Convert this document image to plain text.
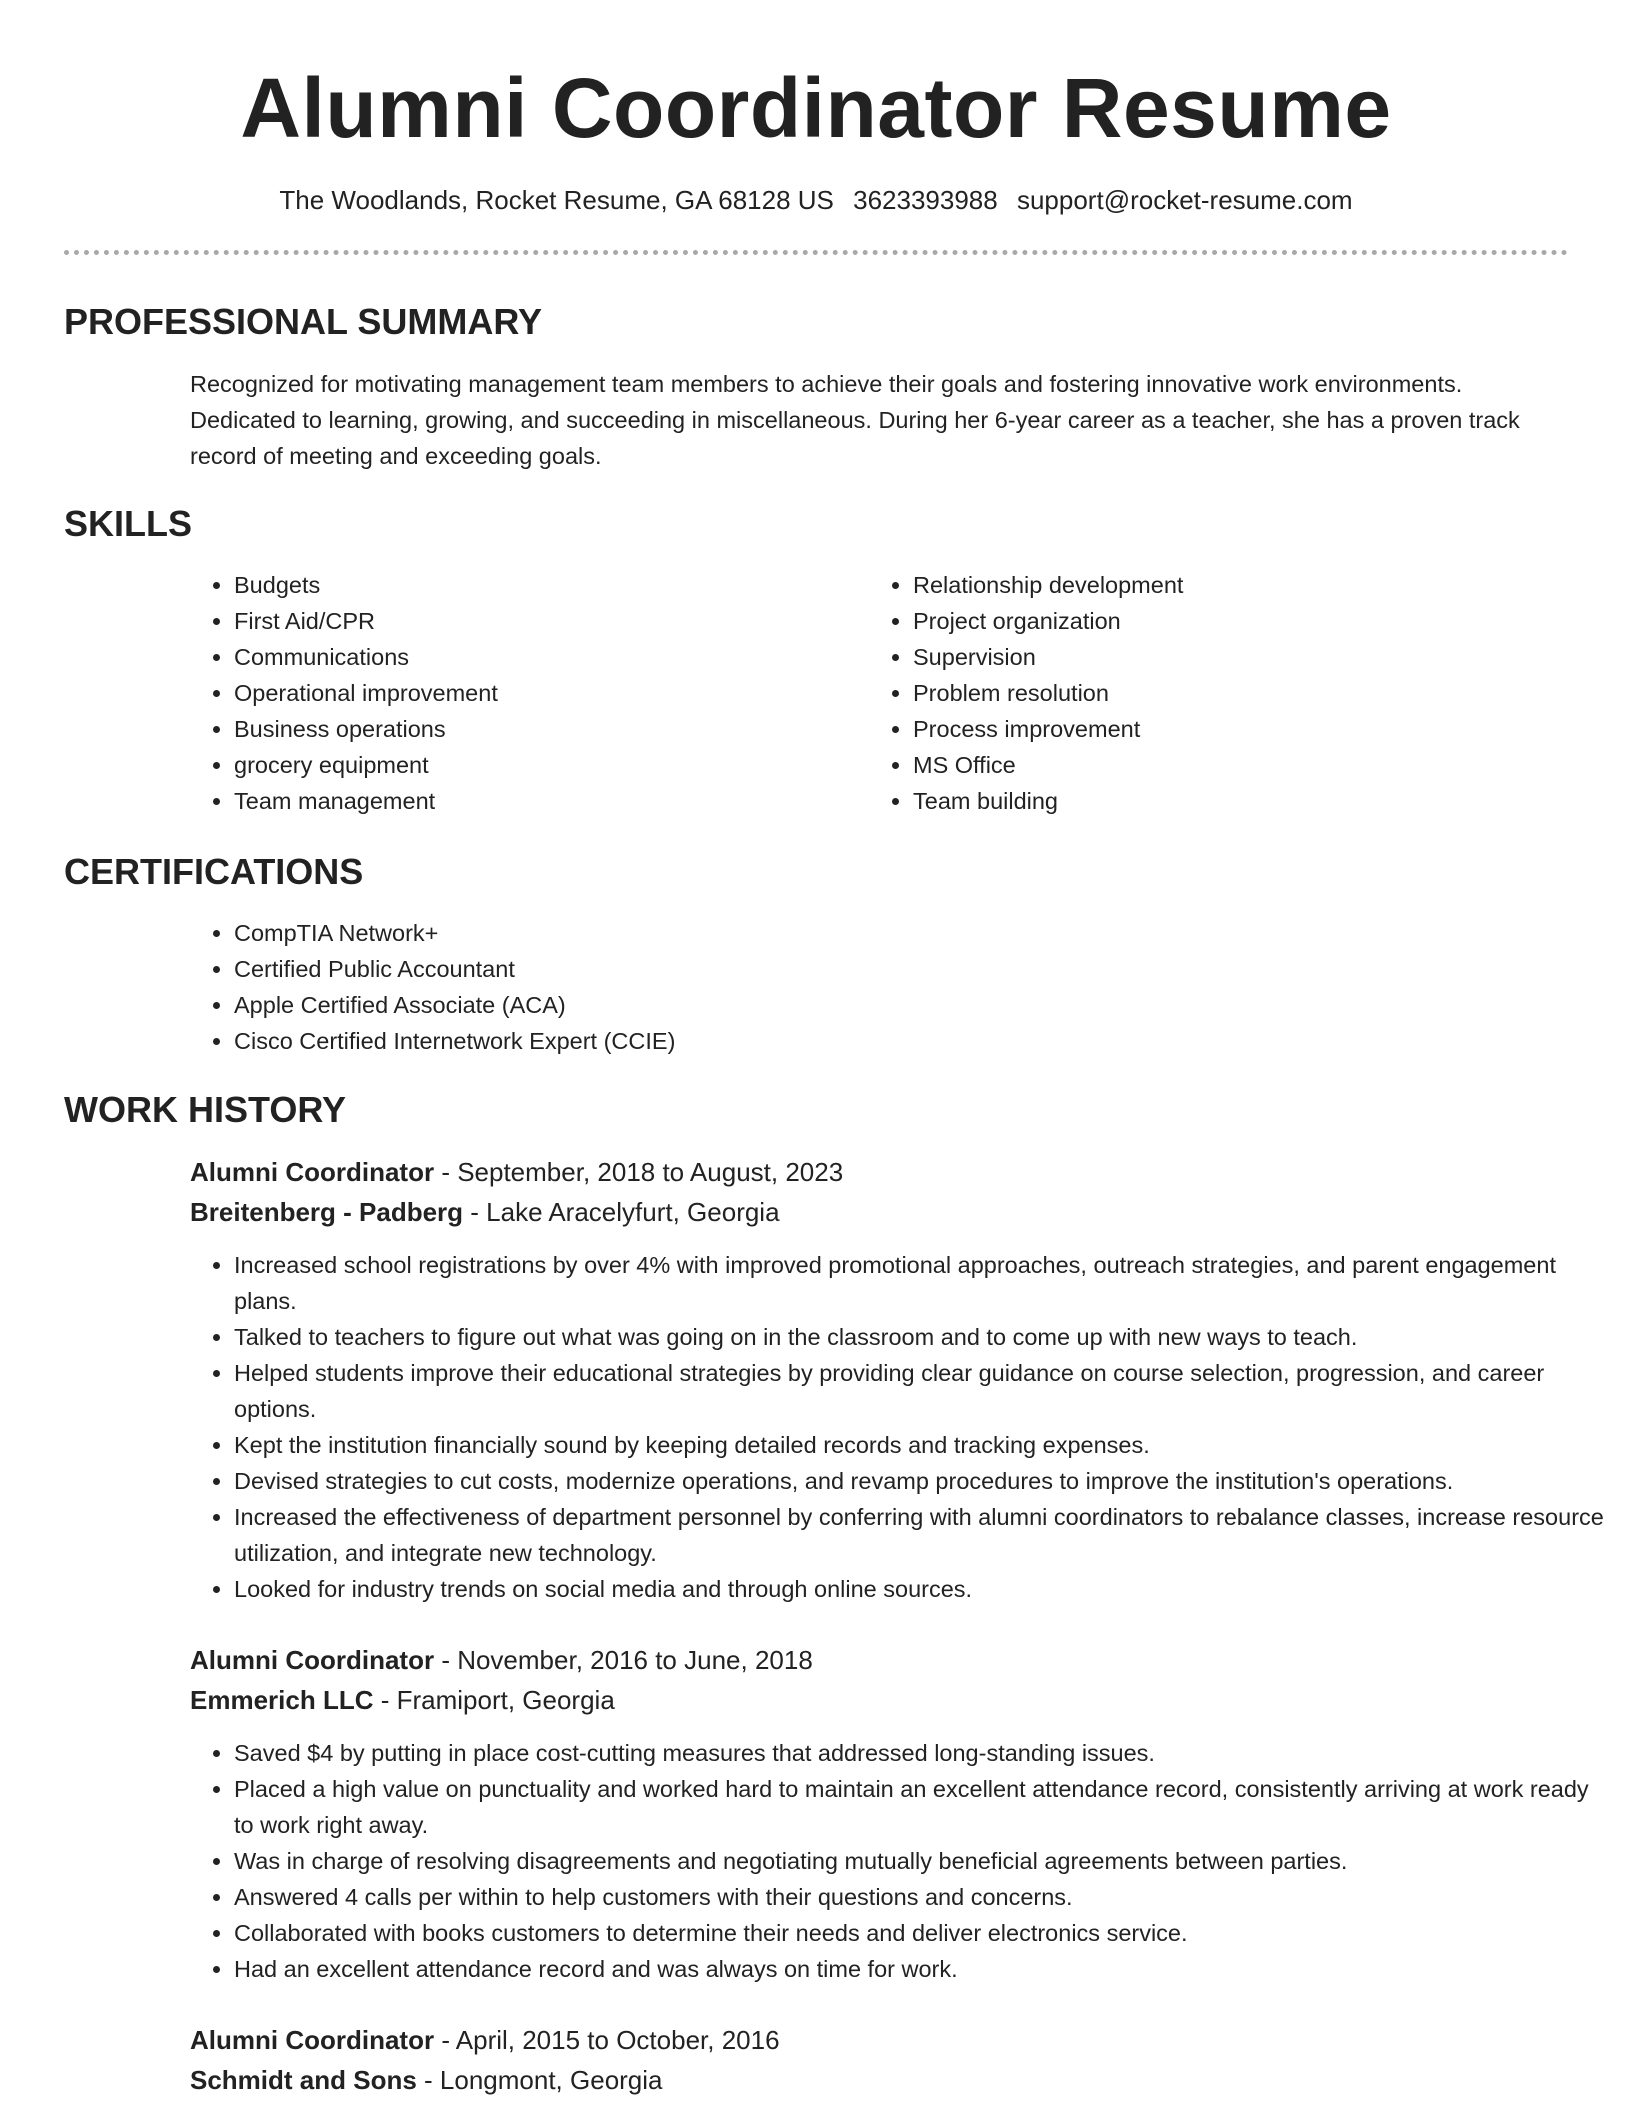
Alumni Coordinator Resume
The Woodlands, Rocket Resume, GA 68128 US 3623393988 support@rocket-resume.com
PROFESSIONAL SUMMARY

Recognized for motivating management team members to achieve their goals and fostering innovative work environments. Dedicated to learning, growing, and succeeding in miscellaneous. During her 6-year career as a teacher, she has a proven track record of meeting and exceeding goals.

SKILLS
• Budgets
• First Aid/CPR
• Communications
• Operational improvement
• Business operations
• grocery equipment
• Team management
• Relationship development
• Project organization
• Supervision
• Problem resolution
• Process improvement
• MS Office
• Team building
CERTIFICATIONS
• CompTIA Network+
• Certified Public Accountant
• Apple Certified Associate (ACA)
• Cisco Certified Internetwork Expert (CCIE)
WORK HISTORY

Alumni Coordinator - September, 2018 to August, 2023

Breitenberg - Padberg - Lake Aracelyfurt, Georgia

• Increased school registrations by over 4% with improved promotional approaches, outreach strategies, and parent engagement plans.
• Talked to teachers to figure out what was going on in the classroom and to come up with new ways to teach.
• Helped students improve their educational strategies by providing clear guidance on course selection, progression, and career options.
• Kept the institution financially sound by keeping detailed records and tracking expenses.
• Devised strategies to cut costs, modernize operations, and revamp procedures to improve the institution's operations.
• Increased the effectiveness of department personnel by conferring with alumni coordinators to rebalance classes, increase resource utilization, and integrate new technology.
• Looked for industry trends on social media and through online sources.

Alumni Coordinator - November, 2016 to June, 2018

Emmerich LLC - Framiport, Georgia

• Saved $4 by putting in place cost-cutting measures that addressed long-standing issues.
• Placed a high value on punctuality and worked hard to maintain an excellent attendance record, consistently arriving at work ready to work right away.
• Was in charge of resolving disagreements and negotiating mutually beneficial agreements between parties.
• Answered 4 calls per within to help customers with their questions and concerns.
• Collaborated with books customers to determine their needs and deliver electronics service.
• Had an excellent attendance record and was always on time for work.

Alumni Coordinator - April, 2015 to October, 2016

Schmidt and Sons - Longmont, Georgia
